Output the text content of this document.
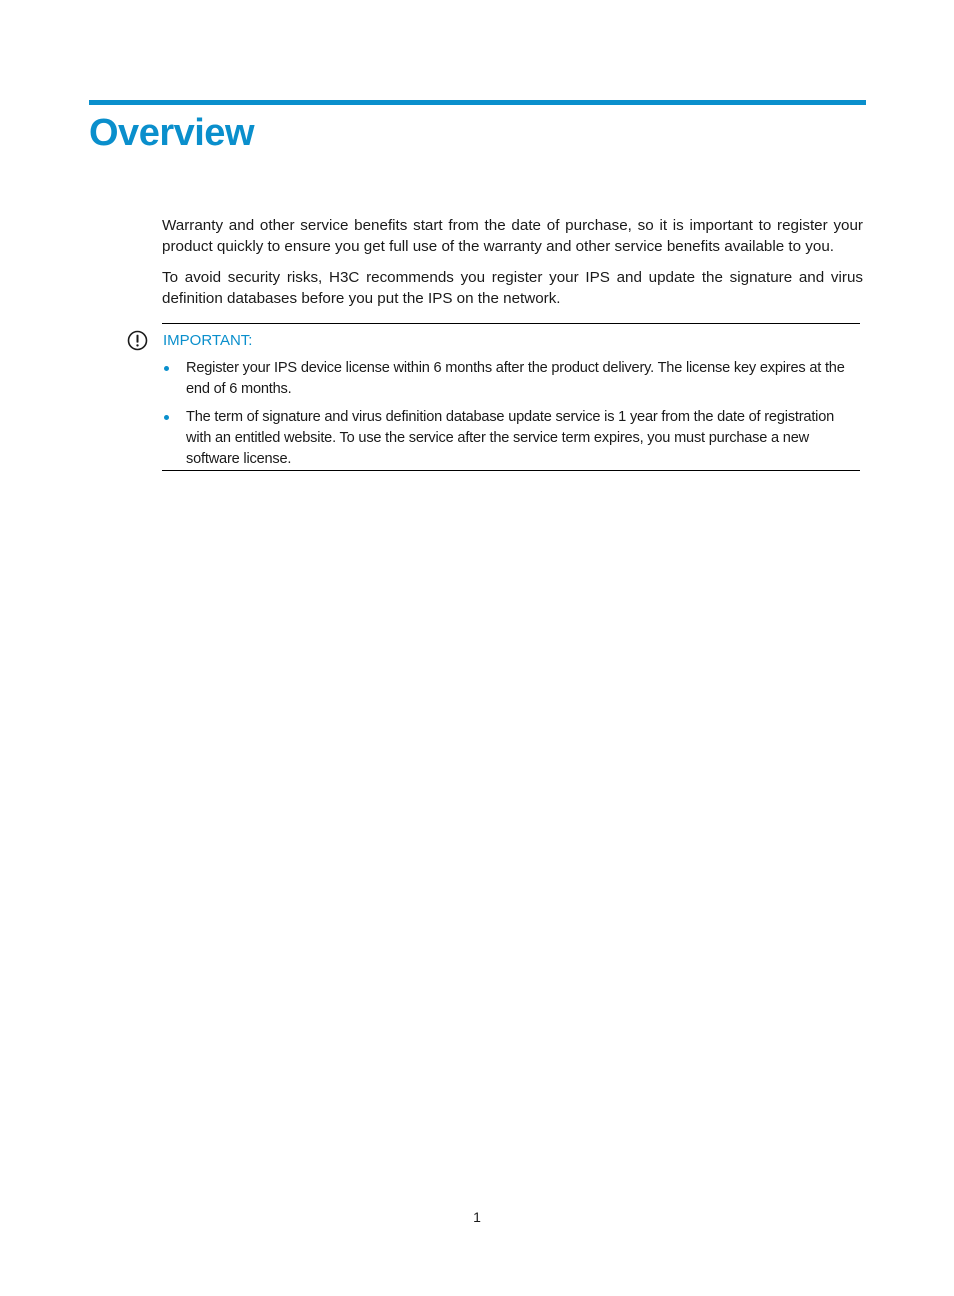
Overview

Warranty and other service benefits start from the date of purchase, so it is important to register your product quickly to ensure you get full use of the warranty and other service benefits available to you.

To avoid security risks, H3C recommends you register your IPS and update the signature and virus definition databases before you put the IPS on the network.

IMPORTANT:

Register your IPS device license within 6 months after the product delivery. The license key expires at the end of 6 months.
The term of signature and virus definition database update service is 1 year from the date of registration with an entitled website. To use the service after the service term expires, you must purchase a new software license.

1
